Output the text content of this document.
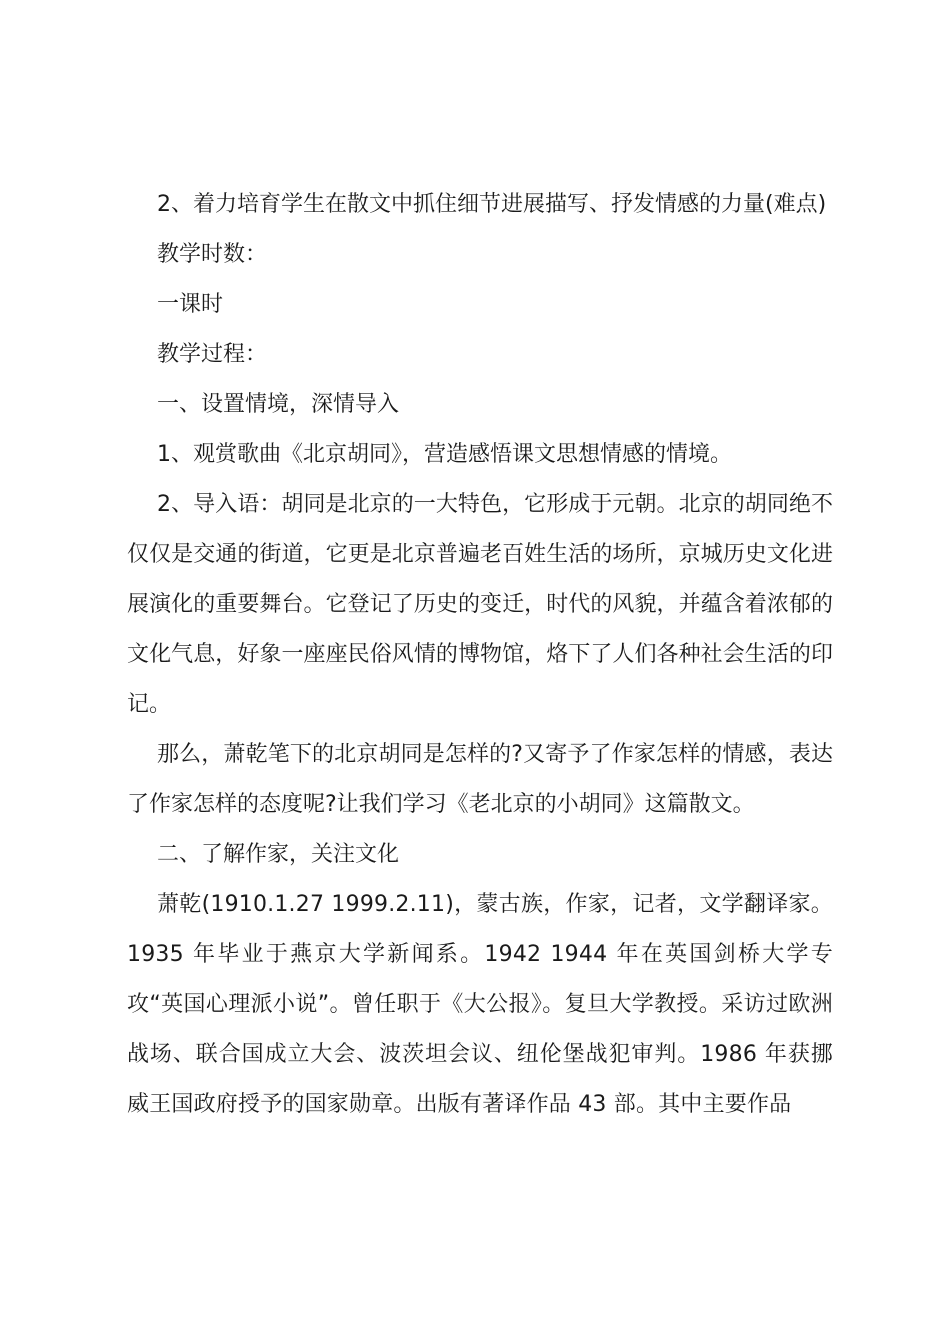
2、着力培育学生在散文中抓住细节进展描写、抒发情感的力量(难点)

教学时数：

一课时

教学过程：

一、设置情境，深情导入

1、观赏歌曲《北京胡同》，营造感悟课文思想情感的情境。

2、导入语：胡同是北京的一大特色，它形成于元朝。北京的胡同绝不仅仅是交通的街道，它更是北京普遍老百姓生活的场所，京城历史文化进展演化的重要舞台。它登记了历史的变迁，时代的风貌，并蕴含着浓郁的文化气息，好象一座座民俗风情的博物馆，烙下了人们各种社会生活的印记。

那么，萧乾笔下的北京胡同是怎样的?又寄予了作家怎样的情感，表达了作家怎样的态度呢?让我们学习《老北京的小胡同》这篇散文。

二、了解作家，关注文化

萧乾(1910.1.27 1999.2.11)，蒙古族，作家，记者，文学翻译家。1935 年毕业于燕京大学新闻系。1942 1944 年在英国剑桥大学专攻“英国心理派小说”。曾任职于《大公报》。复旦大学教授。采访过欧洲战场、联合国成立大会、波茨坦会议、纽伦堡战犯审判。1986 年获挪威王国政府授予的国家勋章。出版有著译作品 43 部。其中主要作品
